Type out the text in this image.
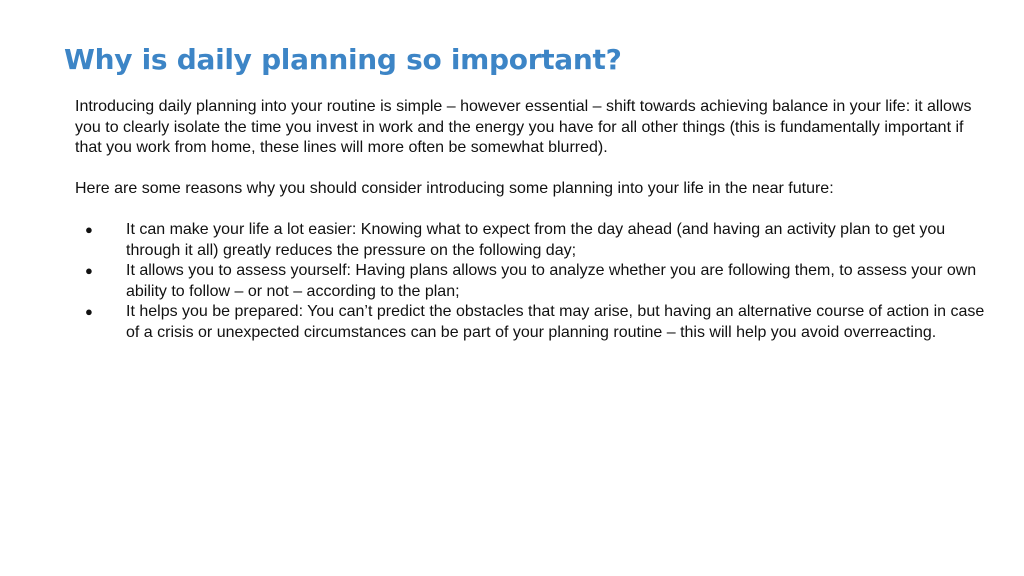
Why is daily planning so important?

Introducing daily planning into your routine is simple – however essential – shift towards achieving balance in your life: it allows you to clearly isolate the time you invest in work and the energy you have for all other things (this is fundamentally important if that you work from home, these lines will more often be somewhat blurred).

Here are some reasons why you should consider introducing some planning into your life in the near future:

● It can make your life a lot easier: Knowing what to expect from the day ahead (and having an activity plan to get you through it all) greatly reduces the pressure on the following day;
● It allows you to assess yourself: Having plans allows you to analyze whether you are following them, to assess your own ability to follow – or not – according to the plan;
● It helps you be prepared: You can’t predict the obstacles that may arise, but having an alternative course of action in case of a crisis or unexpected circumstances can be part of your planning routine – this will help you avoid overreacting.
